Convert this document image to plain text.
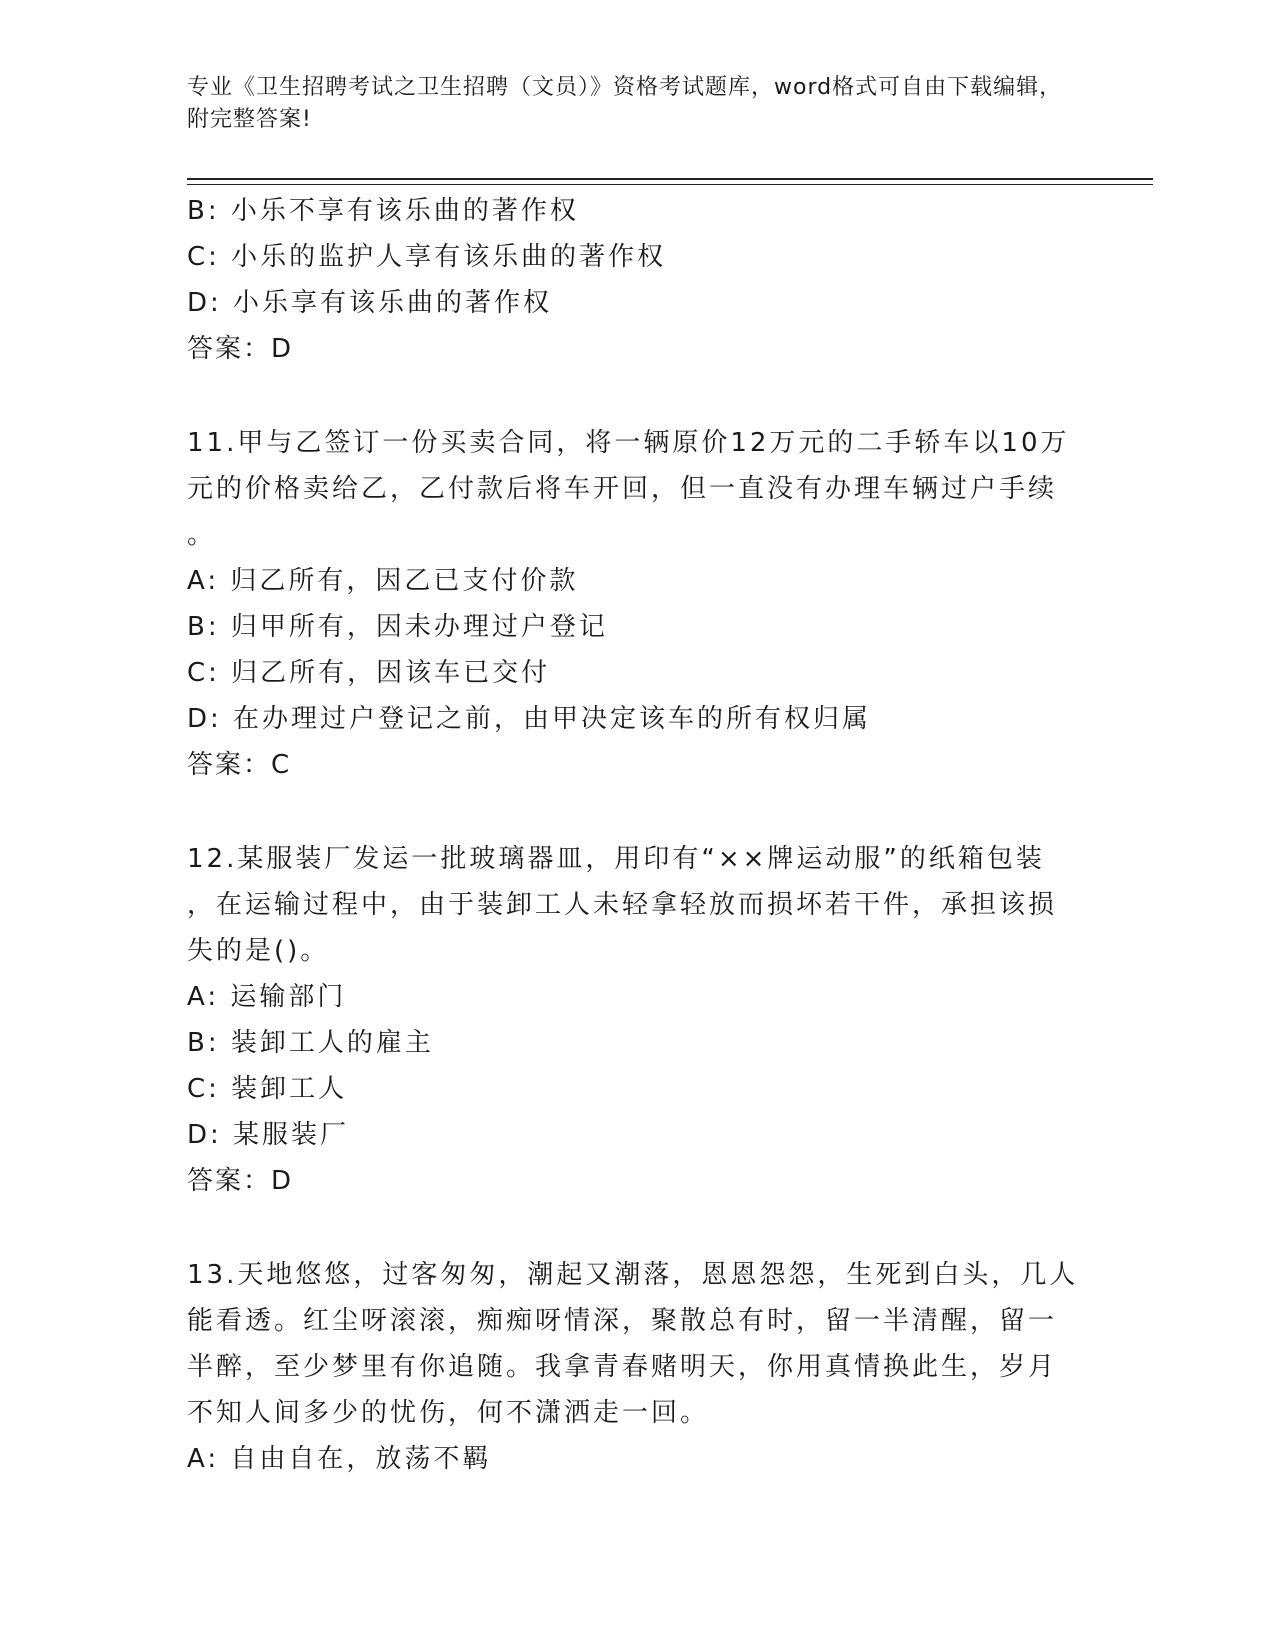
专业《卫生招聘考试之卫生招聘（文员）》资格考试题库，word格式可自由下载编辑，附完整答案!
B: 小乐不享有该乐曲的著作权
C: 小乐的监护人享有该乐曲的著作权
D: 小乐享有该乐曲的著作权
答案：D
11.甲与乙签订一份买卖合同，将一辆原价12万元的二手轿车以10万
元的价格卖给乙，乙付款后将车开回，但一直没有办理车辆过户手续
。
A: 归乙所有，因乙已支付价款
B: 归甲所有，因未办理过户登记
C: 归乙所有，因该车已交付
D: 在办理过户登记之前，由甲决定该车的所有权归属
答案：C
12.某服装厂发运一批玻璃器皿，用印有“××牌运动服”的纸箱包装
，在运输过程中，由于装卸工人未轻拿轻放而损坏若干件，承担该损
失的是()。
A: 运输部门
B: 装卸工人的雇主
C: 装卸工人
D: 某服装厂
答案：D
13.天地悠悠，过客匆匆，潮起又潮落，恩恩怨怨，生死到白头，几人
能看透。红尘呀滚滚，痴痴呀情深，聚散总有时，留一半清醒，留一
半醉，至少梦里有你追随。我拿青春赌明天，你用真情换此生，岁月
不知人间多少的忧伤，何不潇洒走一回。
A: 自由自在，放荡不羁
